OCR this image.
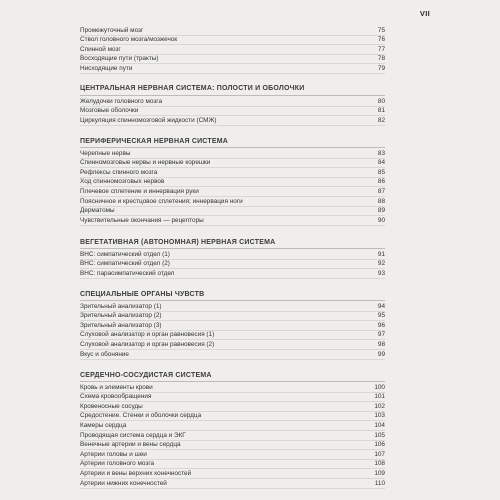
VII
Промежуточный мозг	75
Ствол головного мозга/мозжечок	76
Спинной мозг	77
Восходящие пути (тракты)	78
Нисходящие пути	79
ЦЕНТРАЛЬНАЯ НЕРВНАЯ СИСТЕМА: ПОЛОСТИ И ОБОЛОЧКИ
Желудочки головного мозга	80
Мозговые оболочки	81
Циркуляция спинномозговой жидкости (СМЖ)	82
ПЕРИФЕРИЧЕСКАЯ НЕРВНАЯ СИСТЕМА
Черепные нервы	83
Спинномозговые нервы и нервные корешки	84
Рефлексы спинного мозга	85
Ход спинномозговых нервов	86
Плечевое сплетение и иннервация руки	87
Поясничное и крестцовое сплетения; иннервация ноги	88
Дерматомы	89
Чувствительные окончания — рецепторы	90
ВЕГЕТАТИВНАЯ (АВТОНОМНАЯ) НЕРВНАЯ СИСТЕМА
ВНС: симпатический отдел (1)	91
ВНС: симпатический отдел (2)	92
ВНС: парасимпатический отдел	93
СПЕЦИАЛЬНЫЕ ОРГАНЫ ЧУВСТВ
Зрительный анализатор (1)	94
Зрительный анализатор (2)	95
Зрительный анализатор (3)	96
Слуховой анализатор и орган равновесия (1)	97
Слуховой анализатор и орган равновесия (2)	98
Вкус и обоняние	99
СЕРДЕЧНО-СОСУДИСТАЯ СИСТЕМА
Кровь и элементы крови	100
Схема кровообращения	101
Кровеносные сосуды	102
Средостение. Стенки и оболочки сердца	103
Камеры сердца	104
Проводящая система сердца и ЭКГ	105
Венечные артерии и вены сердца	106
Артерии головы и шеи	107
Артерии головного мозга	108
Артерии и вены верхних конечностей	109
Артерии нижних конечностей	110
